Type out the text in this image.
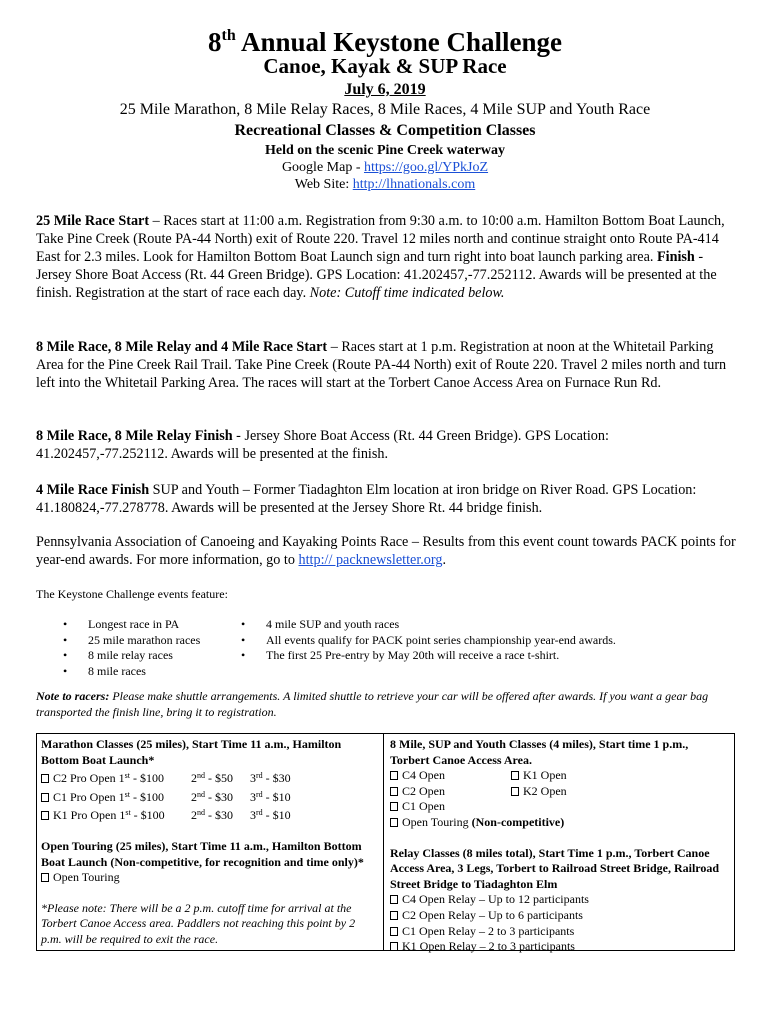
8th Annual Keystone Challenge
Canoe, Kayak & SUP Race
July 6, 2019
25 Mile Marathon, 8 Mile Relay Races, 8 Mile Races, 4 Mile SUP and Youth Race
Recreational Classes & Competition Classes
Held on the scenic Pine Creek waterway
Google Map - https://goo.gl/YPkJoZ
Web Site: http://lhnationals.com
25 Mile Race Start – Races start at 11:00 a.m. Registration from 9:30 a.m. to 10:00 a.m. Hamilton Bottom Boat Launch, Take Pine Creek (Route PA-44 North) exit of Route 220. Travel 12 miles north and continue straight onto Route PA-414 East for 2.3 miles. Look for Hamilton Bottom Boat Launch sign and turn right into boat launch parking area. Finish - Jersey Shore Boat Access (Rt. 44 Green Bridge). GPS Location: 41.202457,-77.252112. Awards will be presented at the finish. Registration at the start of race each day. Note: Cutoff time indicated below.
8 Mile Race, 8 Mile Relay and 4 Mile Race Start – Races start at 1 p.m. Registration at noon at the Whitetail Parking Area for the Pine Creek Rail Trail. Take Pine Creek (Route PA-44 North) exit of Route 220. Travel 2 miles north and turn left into the Whitetail Parking Area. The races will start at the Torbert Canoe Access Area on Furnace Run Rd.
8 Mile Race, 8 Mile Relay Finish - Jersey Shore Boat Access (Rt. 44 Green Bridge). GPS Location: 41.202457,-77.252112. Awards will be presented at the finish.
4 Mile Race Finish SUP and Youth – Former Tiadaghton Elm location at iron bridge on River Road. GPS Location: 41.180824,-77.278778. Awards will be presented at the Jersey Shore Rt. 44 bridge finish.
Pennsylvania Association of Canoeing and Kayaking Points Race – Results from this event count towards PACK points for year-end awards. For more information, go to http:// packnewsletter.org.
The Keystone Challenge events feature:
• Longest race in PA
• 25 mile marathon races
• 8 mile relay races
• 8 mile races
• 4 mile SUP and youth races
• All events qualify for PACK point series championship year-end awards.
• The first 25 Pre-entry by May 20th will receive a race t-shirt.
Note to racers: Please make shuttle arrangements. A limited shuttle to retrieve your car will be offered after awards. If you want a gear bag transported the finish line, bring it to registration.
Marathon Classes (25 miles), Start Time 11 a.m., Hamilton Bottom Boat Launch*
C2 Pro Open 1st - $100 2nd - $50 3rd - $30
C1 Pro Open 1st - $100 2nd - $30 3rd - $10
K1 Pro Open 1st - $100 2nd - $30 3rd - $10
Open Touring (25 miles), Start Time 11 a.m., Hamilton Bottom Boat Launch (Non-competitive, for recognition and time only)*
Open Touring
*Please note: There will be a 2 p.m. cutoff time for arrival at the Torbert Canoe Access area. Paddlers not reaching this point by 2 p.m. will be required to exit the race.
8 Mile, SUP and Youth Classes (4 miles), Start time 1 p.m., Torbert Canoe Access Area.
C4 Open	K1 Open
C2 Open	K2 Open
C1 Open
Open Touring (Non-competitive)
Relay Classes (8 miles total), Start Time 1 p.m., Torbert Canoe Access Area, 3 Legs, Torbert to Railroad Street Bridge, Railroad Street Bridge to Tiadaghton Elm
C4 Open Relay – Up to 12 participants
C2 Open Relay – Up to 6 participants
C1 Open Relay – 2 to 3 participants
K1 Open Relay – 2 to 3 participants
